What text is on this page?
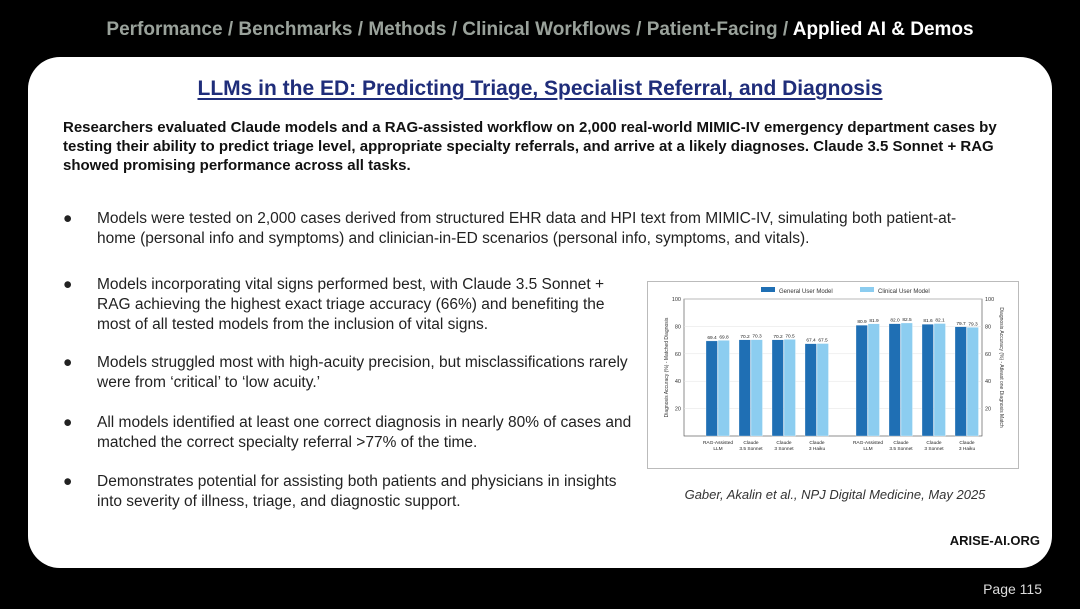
Performance / Benchmarks / Methods / Clinical Workflows / Patient-Facing / Applied AI & Demos
LLMs in the ED: Predicting Triage, Specialist Referral, and Diagnosis
Researchers evaluated Claude models and a RAG-assisted workflow on 2,000 real-world MIMIC-IV emergency department cases by testing their ability to predict triage level, appropriate specialty referrals, and arrive at a likely diagnoses. Claude 3.5 Sonnet + RAG showed promising performance across all tasks.
● Models were tested on 2,000 cases derived from structured EHR data and HPI text from MIMIC-IV, simulating both patient-at-home (personal info and symptoms) and clinician-in-ED scenarios (personal info, symptoms, and vitals).
● Models incorporating vital signs performed best, with Claude 3.5 Sonnet + RAG achieving the highest exact triage accuracy (66%) and benefiting the most of all tested models from the inclusion of vital signs.
● Models struggled most with high-acuity precision, but misclassifications rarely were from ‘critical’ to ‘low acuity.’
● All models identified at least one correct diagnosis in nearly 80% of cases and matched the correct specialty referral >77% of the time.
● Demonstrates potential for assisting both patients and physicians in insights into severity of illness, triage, and diagnostic support.
General User Model	Clinical User Model
20	20
40	40
60	60
80	80
100	100
Diagnosis Accuracy (%) - Matched Diagnosis	Diagnosis Accuracy (%) - Atleast one Diagnosis Match
69.4 69.8
RAG-Assisted
LLM
70.2 70.3
Claude
3.5 Sonnet
70.2 70.5
Claude
3 Sonnet
67.4 67.5
Claude
3 Haiku
80.9 81.9
RAG-Assisted
LLM
82.0 82.5
Claude
3.5 Sonnet
81.6 82.1
Claude
3 Sonnet
79.7 79.3
Claude
3 Haiku
Gaber, Akalin et al., NPJ Digital Medicine, May 2025
ARISE-AI.ORG
Page 115
